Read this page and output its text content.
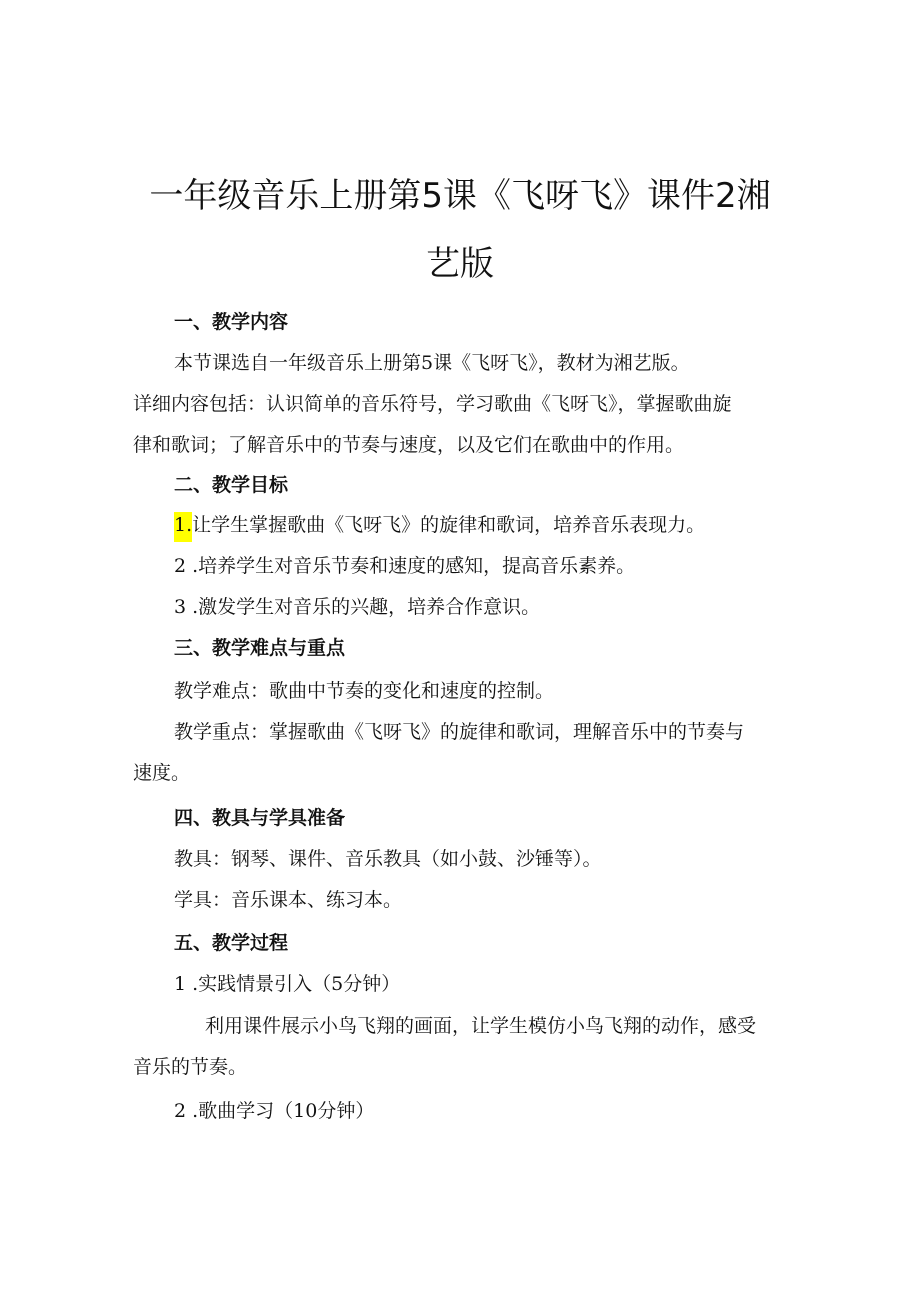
一年级音乐上册第5课《飞呀飞》课件2湘
艺版
一、教学内容
本节课选自一年级音乐上册第5课《飞呀飞》，教材为湘艺版。
详细内容包括：认识简单的音乐符号，学习歌曲《飞呀飞》，掌握歌曲旋
律和歌词；了解音乐中的节奏与速度，以及它们在歌曲中的作用。
二、教学目标
1.让学生掌握歌曲《飞呀飞》的旋律和歌词，培养音乐表现力。
2 .培养学生对音乐节奏和速度的感知，提高音乐素养。
3 .激发学生对音乐的兴趣，培养合作意识。
三、教学难点与重点
教学难点：歌曲中节奏的变化和速度的控制。
教学重点：掌握歌曲《飞呀飞》的旋律和歌词，理解音乐中的节奏与
速度。
四、教具与学具准备
教具：钢琴、课件、音乐教具（如小鼓、沙锤等）。
学具：音乐课本、练习本。
五、教学过程
1 .实践情景引入（5分钟）
利用课件展示小鸟飞翔的画面，让学生模仿小鸟飞翔的动作，感受
音乐的节奏。
2 .歌曲学习（10分钟）
